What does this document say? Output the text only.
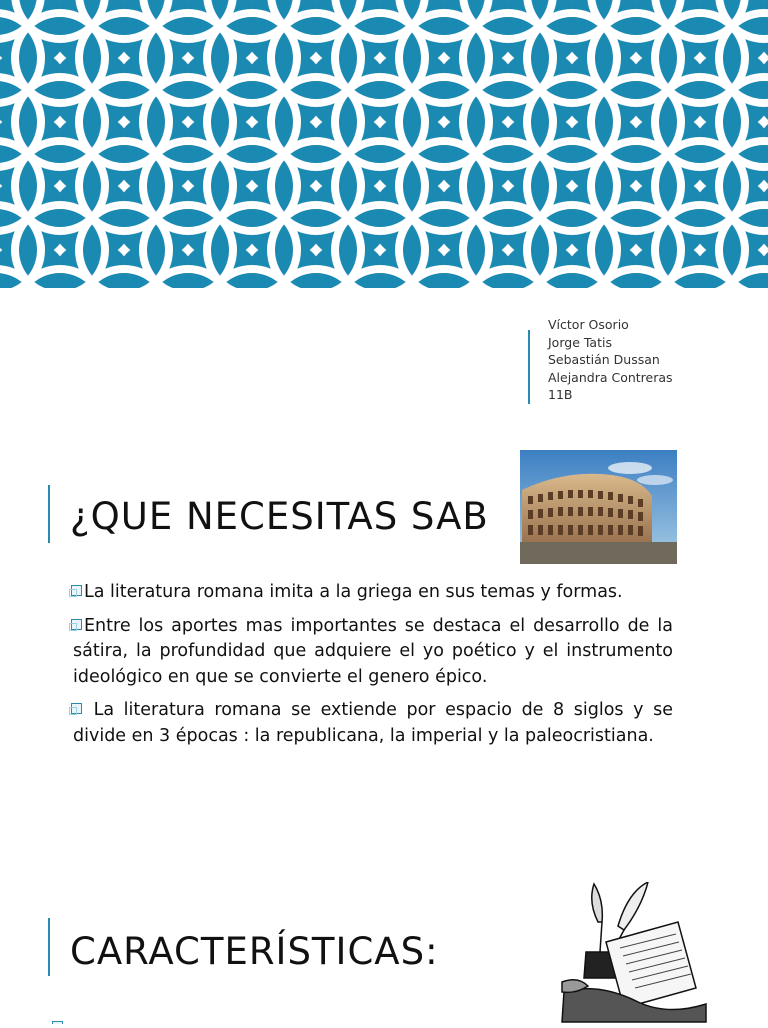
Víctor Osorio
Jorge Tatis
Sebastián Dussan
Alejandra Contreras
11B
¿QUE NECESITAS SAB
La literatura romana imita a la griega en sus temas y formas.
Entre los aportes mas importantes se destaca el desarrollo de la sátira, la profundidad que adquiere el yo poético y el instrumento ideológico en que se convierte el genero épico.
La literatura romana se extiende por espacio de 8 siglos y se divide en 3 épocas : la republicana, la imperial y la paleocristiana.
CARACTERÍSTICAS:
